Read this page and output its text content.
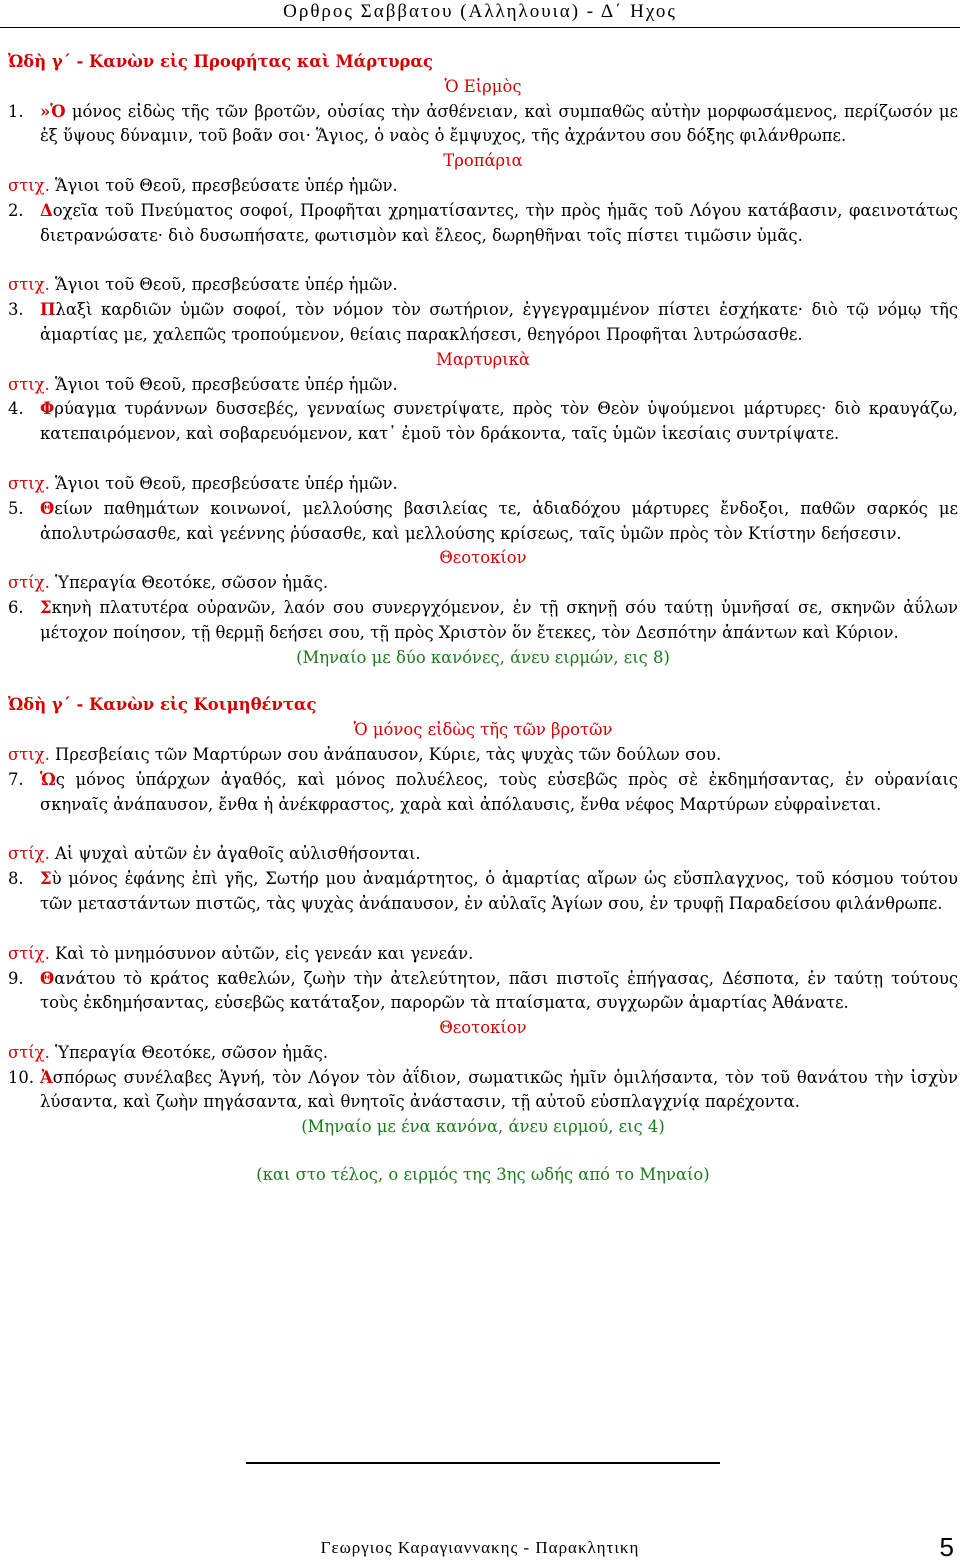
Ορθρος Σαββατου (Αλληλουια) - Δ΄ Ηχος
Ὠδὴ γ΄ - Κανὼν εἰς Προφήτας καὶ Μάρτυρας
Ὁ Εἱρμὸς
1. »Ὁ μόνος εἰδὼς τῆς τῶν βροτῶν, οὐσίας τὴν ἀσθένειαν, καὶ συμπαθῶς αὐτὴν μορφωσάμενος, περίζωσόν με ἐξ ὕψους δύναμιν, τοῦ βοᾶν σοι· Ἅγιος, ὁ ναὸς ὁ ἔμψυχος, τῆς ἀχράντου σου δόξης φιλάνθρωπε.
Τροπάρια
στιχ. Ἅγιοι τοῦ Θεοῦ, πρεσβεύσατε ὑπέρ ἡμῶν.
2. Δοχεῖα τοῦ Πνεύματος σοφοί, Προφῆται χρηματίσαντες, τὴν πρὸς ἡμᾶς τοῦ Λόγου κατάβασιν, φαεινοτάτως διετρανώσατε· διὸ δυσωπήσατε, φωτισμὸν καὶ ἔλεος, δωρηθῆναι τοῖς πίστει τιμῶσιν ὑμᾶς.
στιχ. Ἅγιοι τοῦ Θεοῦ, πρεσβεύσατε ὑπέρ ἡμῶν.
3. Πλαξὶ καρδιῶν ὑμῶν σοφοί, τὸν νόμον τὸν σωτήριον, ἐγγεγραμμένον πίστει ἐσχήκατε· διὸ τῷ νόμῳ τῆς ἁμαρτίας με, χαλεπῶς τροπούμενον, θείαις παρακλήσεσι, θεηγόροι Προφῆται λυτρώσασθε.
Μαρτυρικὰ
στιχ. Ἅγιοι τοῦ Θεοῦ, πρεσβεύσατε ὑπέρ ἡμῶν.
4. Φρύαγμα τυράννων δυσσεβές, γενναίως συνετρίψατε, πρὸς τὸν Θεὸν ὑψούμενοι μάρτυρες· διὸ κραυγάζω, κατεπαιρόμενον, καὶ σοβαρευόμενον, κατ᾽ ἐμοῦ τὸν δράκοντα, ταῖς ὑμῶν ἱκεσίαις συντρίψατε.
στιχ. Ἅγιοι τοῦ Θεοῦ, πρεσβεύσατε ὑπέρ ἡμῶν.
5. Θείων παθημάτων κοινωνοί, μελλούσης βασιλείας τε, ἀδιαδόχου μάρτυρες ἔνδοξοι, παθῶν σαρκός με ἀπολυτρώσασθε, καὶ γεέννης ῥύσασθε, καὶ μελλούσης κρίσεως, ταῖς ὑμῶν πρὸς τὸν Κτίστην δεήσεσιν.
Θεοτοκίον
στίχ. Ὑπεραγία Θεοτόκε, σῶσον ἡμᾶς.
6. Σκηνὴ πλατυτέρα οὐρανῶν, λαόν σου συνεργχόμενον, ἐν τῇ σκηνῇ σόυ ταύτῃ ὑμνῆσαί σε, σκηνῶν ἀΰλων μέτοχον ποίησον, τῇ θερμῇ δεήσει σου, τῇ πρὸς Χριστὸν ὅν ἔτεκες, τὸν Δεσπότην ἁπάντων καὶ Κύριον.
(Μηναίο με δύο κανόνες, άνευ ειρμών, εις 8)
Ὠδὴ γ΄ - Κανὼν εἰς Κοιμηθέντας
Ὁ μόνος εἰδὼς τῆς τῶν βροτῶν
στιχ. Πρεσβείαις τῶν Μαρτύρων σου ἀνάπαυσον, Κύριε, τὰς ψυχὰς τῶν δούλων σου.
7. Ὡς μόνος ὑπάρχων ἀγαθός, καὶ μόνος πολυέλεος, τοὺς εὐσεβῶς πρὸς σὲ ἐκδημήσαντας, ἐν οὐρανίαις σκηναῖς ἀνάπαυσον, ἔνθα ἡ ἀνέκφραστος, χαρὰ καὶ ἀπόλαυσις, ἔνθα νέφος Μαρτύρων εὐφραἰνεται.
στίχ. Αἱ ψυχαὶ αὐτῶν ἐν ἀγαθοῖς αὐλισθήσονται.
8. Σὺ μόνος ἐφάνης ἐπὶ γῆς, Σωτήρ μου ἀναμάρτητος, ὁ ἁμαρτίας αἴρων ὡς εὔσπλαγχνος, τοῦ κόσμου τούτου τῶν μεταστάντων πιστῶς, τὰς ψυχὰς ἀνάπαυσον, ἐν αὐλαῖς Ἁγίων σου, ἐν τρυφῇ Παραδείσου φιλάνθρωπε.
στίχ. Καὶ τὸ μνημόσυνον αὐτῶν, εἰς γενεάν και γενεάν.
9. Θανάτου τὸ κράτος καθελών, ζωὴν τὴν ἀτελεύτητον, πᾶσι πιστοῖς ἐπήγασας, Δέσποτα, ἐν ταύτῃ τούτους τοὺς ἐκδημήσαντας, εὐσεβῶς κατάταξον, παρορῶν τὰ πταίσματα, συγχωρῶν ἁμαρτίας Ἀθάνατε.
Θεοτοκίον
στίχ. Ὑπεραγία Θεοτόκε, σῶσον ἡμᾶς.
10. Ἀσπόρως συνέλαβες Ἁγνή, τὸν Λόγον τὸν ἀΐδιον, σωματικῶς ἡμῖν ὁμιλήσαντα, τὸν τοῦ θανάτου τὴν ἰσχὺν λύσαντα, καὶ ζωὴν πηγάσαντα, καὶ θνητοῖς ἀνάστασιν, τῇ αὐτοῦ εὐσπλαγχνίᾳ παρέχοντα.
(Μηναίο με ένα κανόνα, άνευ ειρμού, εις 4)
(και στο τέλος, ο ειρμός της 3ης ωδής από το Μηναίο)
Γεωργιος Καραγιαννακης - Παρακλητικη	5
